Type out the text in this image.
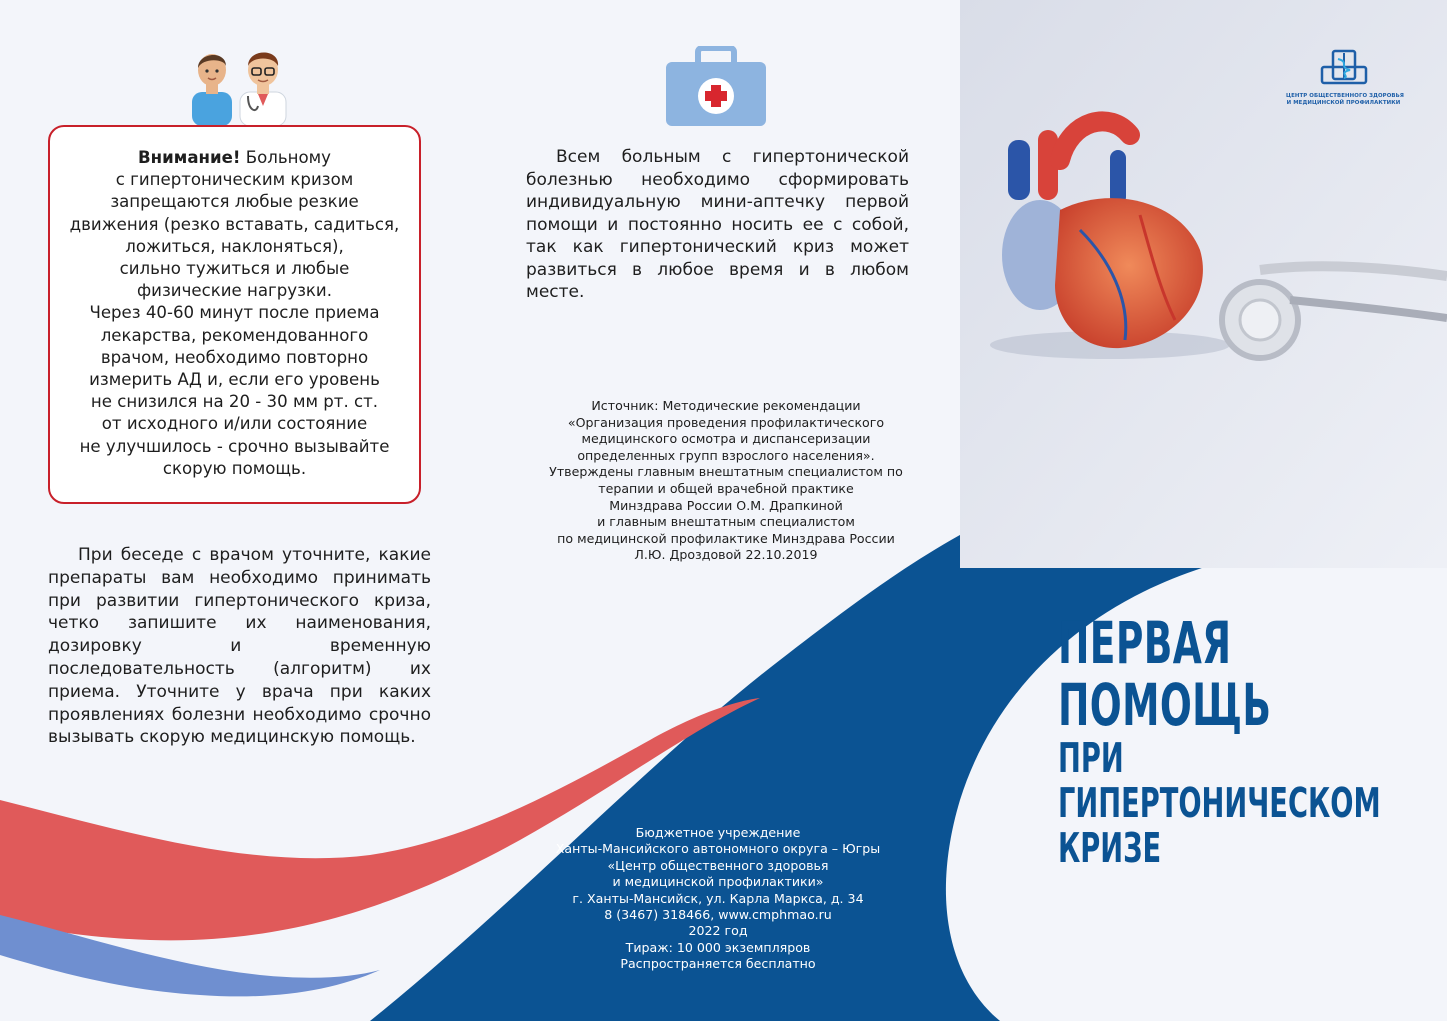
ЦЕНТР ОБЩЕСТВЕННОГО ЗДОРОВЬЯ
И МЕДИЦИНСКОЙ ПРОФИЛАКТИКИ
ПЕРВАЯ
ПОМОЩЬ
ПРИ
ГИПЕРТОНИЧЕСКОМ
КРИЗЕ
Внимание! Больному
с гипертоническим кризом
запрещаются любые резкие
движения (резко вставать, садиться,
ложиться, наклоняться),
сильно тужиться и любые
физические нагрузки.
Через 40-60 минут после приема
лекарства, рекомендованного
врачом, необходимо повторно
измерить АД и, если его уровень
не снизился на 20 - 30 мм рт. ст.
от исходного и/или состояние
не улучшилось - срочно вызывайте
скорую помощь.
При беседе с врачом уточните, какие препараты вам необходимо принимать при развитии гипертонического криза, четко запишите их наименования, дозировку и временную последовательность (алгоритм) их приема. Уточните у врача при каких проявлениях болезни необходимо срочно вызывать скорую медицинскую помощь.
Всем больным с гипертонической болезнью необходимо сформировать индивидуальную мини-аптечку первой помощи и постоянно носить ее с собой, так как гипертонический криз может развиться в любое время и в любом месте.
Источник: Методические рекомендации
«Организация проведения профилактического
медицинского осмотра и диспансеризации
определенных групп взрослого населения».
Утверждены главным внештатным специалистом по
терапии и общей врачебной практике
Минздрава России О.М. Драпкиной
и главным внештатным специалистом
по медицинской профилактике Минздрава России
Л.Ю. Дроздовой 22.10.2019
Бюджетное учреждение
Ханты-Мансийского автономного округа – Югры
«Центр общественного здоровья
и медицинской профилактики»
г. Ханты-Мансийск, ул. Карла Маркса, д. 34
8 (3467) 318466, www.cmphmao.ru
2022 год
Тираж: 10 000 экземпляров
Распространяется бесплатно
